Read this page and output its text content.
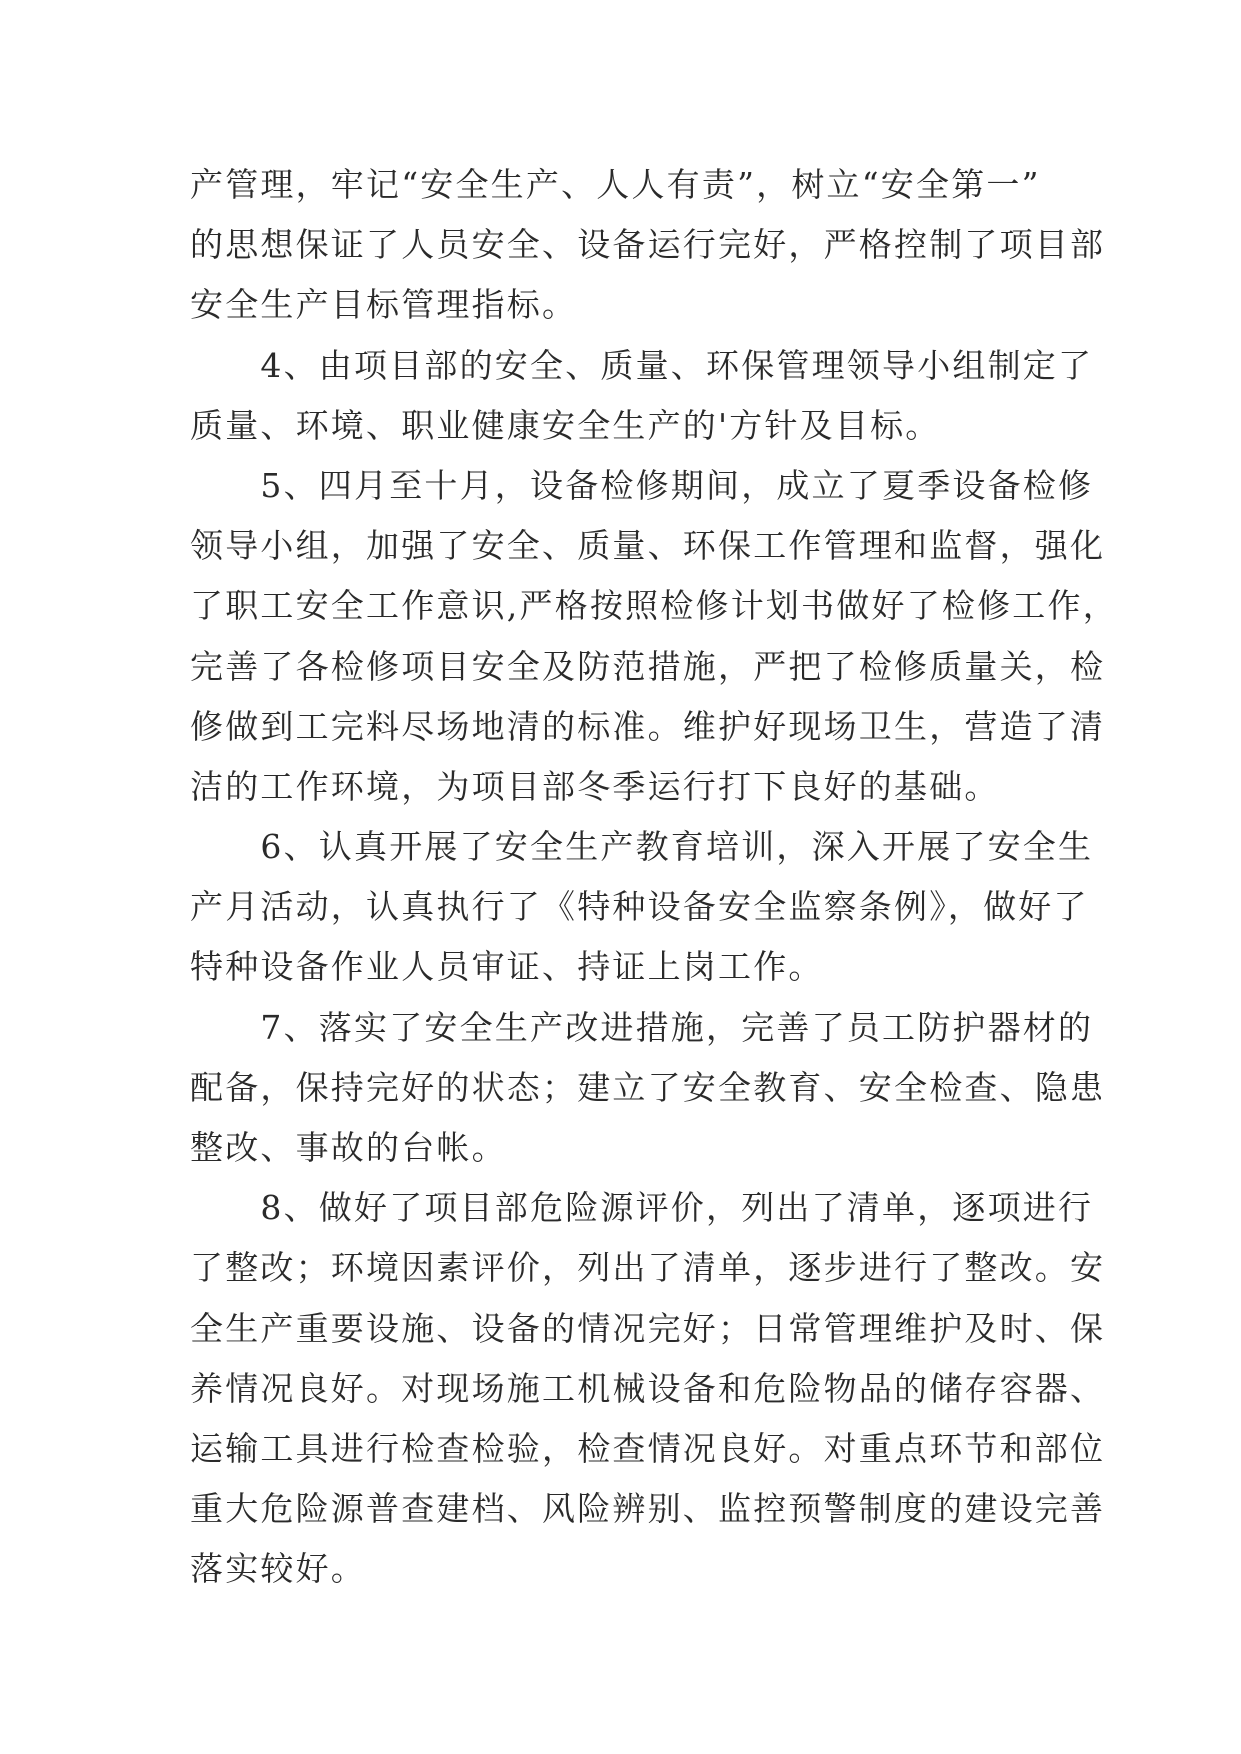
产管理，牢记“安全生产、人人有责”，树立“安全第一”
的思想保证了人员安全、设备运行完好，严格控制了项目部
安全生产目标管理指标。
　　4、由项目部的安全、质量、环保管理领导小组制定了
质量、环境、职业健康安全生产的'方针及目标。
　　5、四月至十月，设备检修期间，成立了夏季设备检修
领导小组，加强了安全、质量、环保工作管理和监督，强化
了职工安全工作意识,严格按照检修计划书做好了检修工作，
完善了各检修项目安全及防范措施，严把了检修质量关，检
修做到工完料尽场地清的标准。维护好现场卫生，营造了清
洁的工作环境，为项目部冬季运行打下良好的基础。
　　6、认真开展了安全生产教育培训，深入开展了安全生
产月活动，认真执行了《特种设备安全监察条例》，做好了
特种设备作业人员审证、持证上岗工作。
　　7、落实了安全生产改进措施，完善了员工防护器材的
配备，保持完好的状态；建立了安全教育、安全检查、隐患
整改、事故的台帐。
　　8、做好了项目部危险源评价，列出了清单，逐项进行
了整改；环境因素评价，列出了清单，逐步进行了整改。安
全生产重要设施、设备的情况完好；日常管理维护及时、保
养情况良好。对现场施工机械设备和危险物品的储存容器、
运输工具进行检查检验，检查情况良好。对重点环节和部位
重大危险源普查建档、风险辨别、监控预警制度的建设完善
落实较好。
